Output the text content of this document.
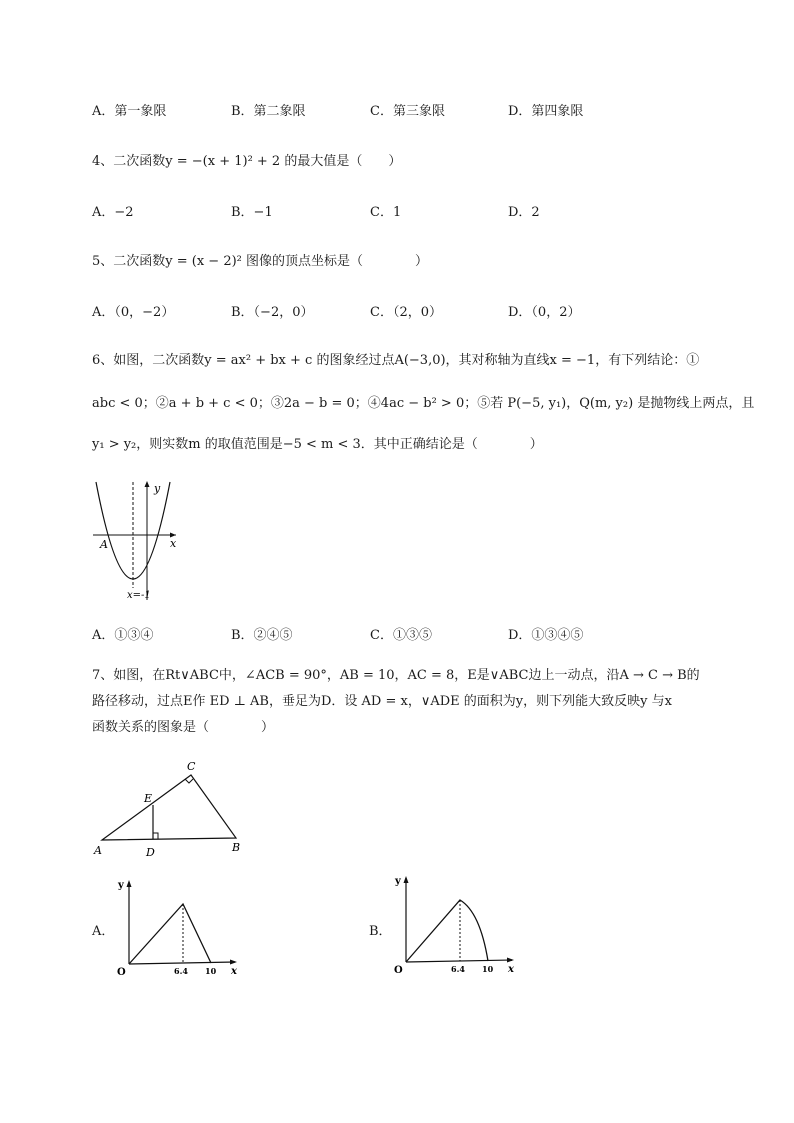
A．第一象限	B．第二象限	C．第三象限	D．第四象限
4、二次函数y = −(x + 1)² + 2 的最大值是（　　）
A．−2	B．−1	C．1	D．2
5、二次函数y = (x − 2)² 图像的顶点坐标是（　　　　）
A．（0，−2）	B．（−2，0）	C．（2，0）	D．（0，2）
6、如图，二次函数y = ax² + bx + c 的图象经过点A(−3,0)，其对称轴为直线x = −1，有下列结论：①
abc < 0；②a + b + c < 0；③2a − b = 0；④4ac − b² > 0；⑤若 P(−5, y₁)，Q(m, y₂) 是抛物线上两点，且
y₁ > y₂，则实数m 的取值范围是−5 < m < 3．其中正确结论是（　　　　）
y
x
A
x=-1
A．①③④	B．②④⑤	C．①③⑤	D．①③④⑤
7、如图，在Rt∨ABC中，∠ACB = 90°，AB = 10，AC = 8，E是∨ABC边上一动点，沿A → C → B的
路径移动，过点E作 ED ⊥ AB，垂足为D．设 AD = x，∨ADE 的面积为y，则下列能大致反映y 与x
函数关系的图象是（　　　　）
A	B
C
D
E
A．
y
x
O	6.4 10
B．
y
x
O	6.4 10
